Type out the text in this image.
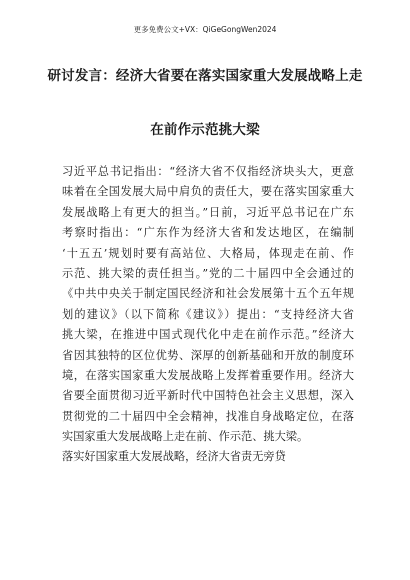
更多免费公文+VX：QiGeGongWen2024
研讨发言：经济大省要在落实国家重大发展战略上走
在前作示范挑大梁
习近平总书记指出：“经济大省不仅指经济块头大，更意
味着在全国发展大局中肩负的责任大，要在落实国家重大
发展战略上有更大的担当。”日前，习近平总书记在广东
考察时指出：“广东作为经济大省和发达地区，在编制
‘十五五’规划时要有高站位、大格局，体现走在前、作
示范、挑大梁的责任担当。”党的二十届四中全会通过的
《中共中央关于制定国民经济和社会发展第十五个五年规
划的建议》（以下简称《建议》）提出：“支持经济大省
挑大梁，在推进中国式现代化中走在前作示范。”经济大
省因其独特的区位优势、深厚的创新基础和开放的制度环
境，在落实国家重大发展战略上发挥着重要作用。经济大
省要全面贯彻习近平新时代中国特色社会主义思想，深入
贯彻党的二十届四中全会精神，找准自身战略定位，在落
实国家重大发展战略上走在前、作示范、挑大梁。
落实好国家重大发展战略，经济大省责无旁贷
